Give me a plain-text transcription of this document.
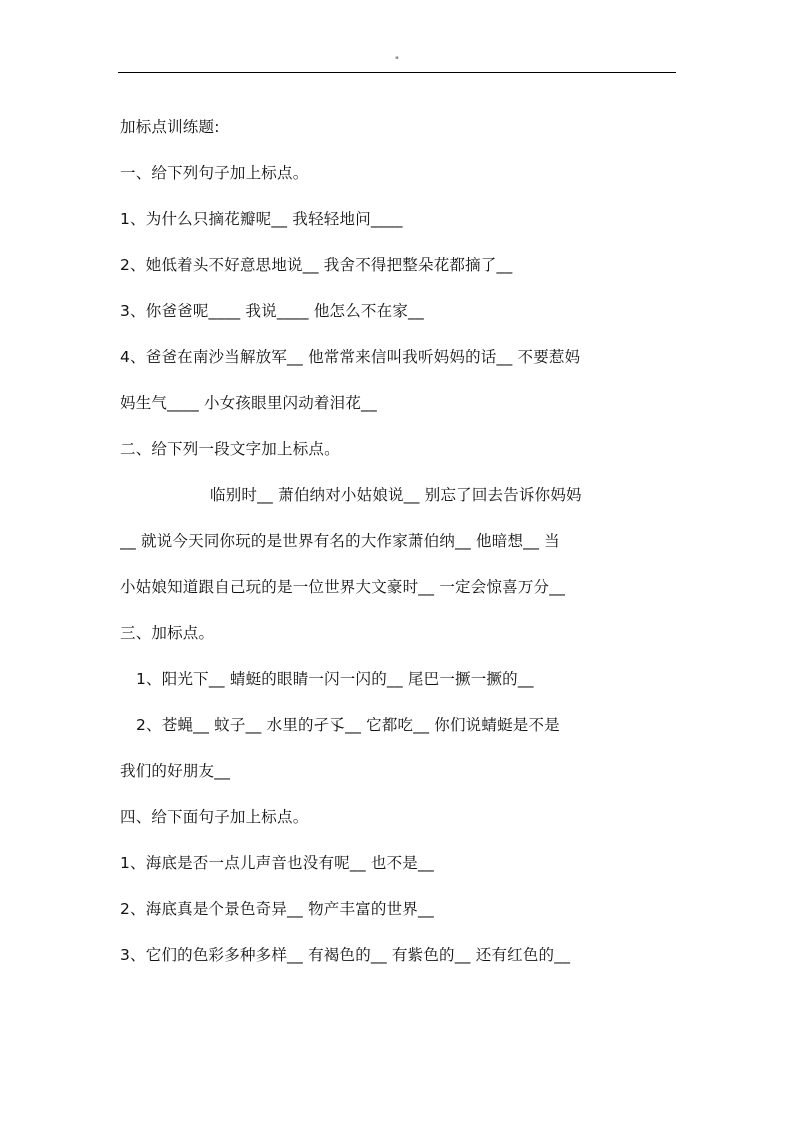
"
加标点训练题:
一、给下列句子加上标点。
1、为什么只摘花瓣呢__ 我轻轻地问____
2、她低着头不好意思地说__ 我舍不得把整朵花都摘了__
3、你爸爸呢____ 我说____ 他怎么不在家__
4、爸爸在南沙当解放军__ 他常常来信叫我听妈妈的话__ 不要惹妈
妈生气____ 小女孩眼里闪动着泪花__
二、给下列一段文字加上标点。
临别时__ 萧伯纳对小姑娘说__ 别忘了回去告诉你妈妈
__ 就说今天同你玩的是世界有名的大作家萧伯纳__ 他暗想__ 当
小姑娘知道跟自己玩的是一位世界大文豪时__ 一定会惊喜万分__
三、加标点。
1、阳光下__ 蜻蜓的眼睛一闪一闪的__ 尾巴一撅一撅的__
2、苍蝇__ 蚊子__ 水里的孑孓__ 它都吃__ 你们说蜻蜓是不是
我们的好朋友__
四、给下面句子加上标点。
1、海底是否一点儿声音也没有呢__ 也不是__
2、海底真是个景色奇异__ 物产丰富的世界__
3、它们的色彩多种多样__ 有褐色的__ 有紫色的__ 还有红色的__
